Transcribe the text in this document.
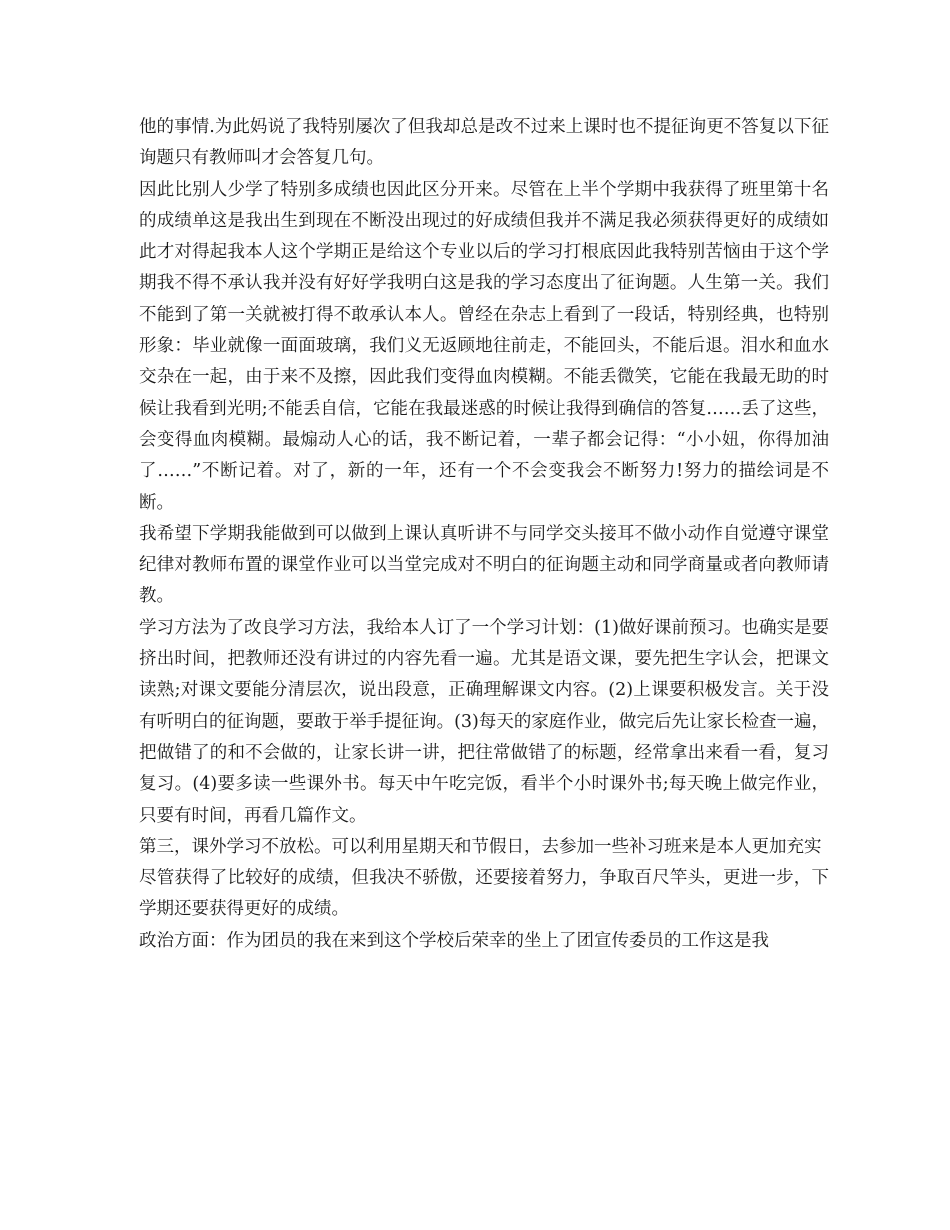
他的事情.为此妈说了我特别屡次了但我却总是改不过来上课时也不提征询更不答复以下征询题只有教师叫才会答复几句。

因此比别人少学了特别多成绩也因此区分开来。尽管在上半个学期中我获得了班里第十名的成绩单这是我出生到现在不断没出现过的好成绩但我并不满足我必须获得更好的成绩如此才对得起我本人这个学期正是给这个专业以后的学习打根底因此我特别苦恼由于这个学期我不得不承认我并没有好好学我明白这是我的学习态度出了征询题。人生第一关。我们不能到了第一关就被打得不敢承认本人。曾经在杂志上看到了一段话，特别经典，也特别形象：毕业就像一面面玻璃，我们义无返顾地往前走，不能回头，不能后退。泪水和血水交杂在一起，由于来不及擦，因此我们变得血肉模糊。不能丢微笑，它能在我最无助的时候让我看到光明;不能丢自信，它能在我最迷惑的时候让我得到确信的答复……丢了这些，会变得血肉模糊。最煽动人心的话，我不断记着，一辈子都会记得：“小小妞，你得加油了……”不断记着。对了，新的一年，还有一个不会变我会不断努力!努力的描绘词是不断。

我希望下学期我能做到可以做到上课认真听讲不与同学交头接耳不做小动作自觉遵守课堂纪律对教师布置的课堂作业可以当堂完成对不明白的征询题主动和同学商量或者向教师请教。

学习方法为了改良学习方法，我给本人订了一个学习计划：(1)做好课前预习。也确实是要挤出时间，把教师还没有讲过的内容先看一遍。尤其是语文课，要先把生字认会，把课文读熟;对课文要能分清层次，说出段意，正确理解课文内容。(2)上课要积极发言。关于没有听明白的征询题，要敢于举手提征询。(3)每天的家庭作业，做完后先让家长检查一遍，把做错了的和不会做的，让家长讲一讲，把往常做错了的标题，经常拿出来看一看，复习复习。(4)要多读一些课外书。每天中午吃完饭，看半个小时课外书;每天晚上做完作业，只要有时间，再看几篇作文。

第三，课外学习不放松。可以利用星期天和节假日，去参加一些补习班来是本人更加充实

尽管获得了比较好的成绩，但我决不骄傲，还要接着努力，争取百尺竿头，更进一步，下学期还要获得更好的成绩。

政治方面：作为团员的我在来到这个学校后荣幸的坐上了团宣传委员的工作这是我
